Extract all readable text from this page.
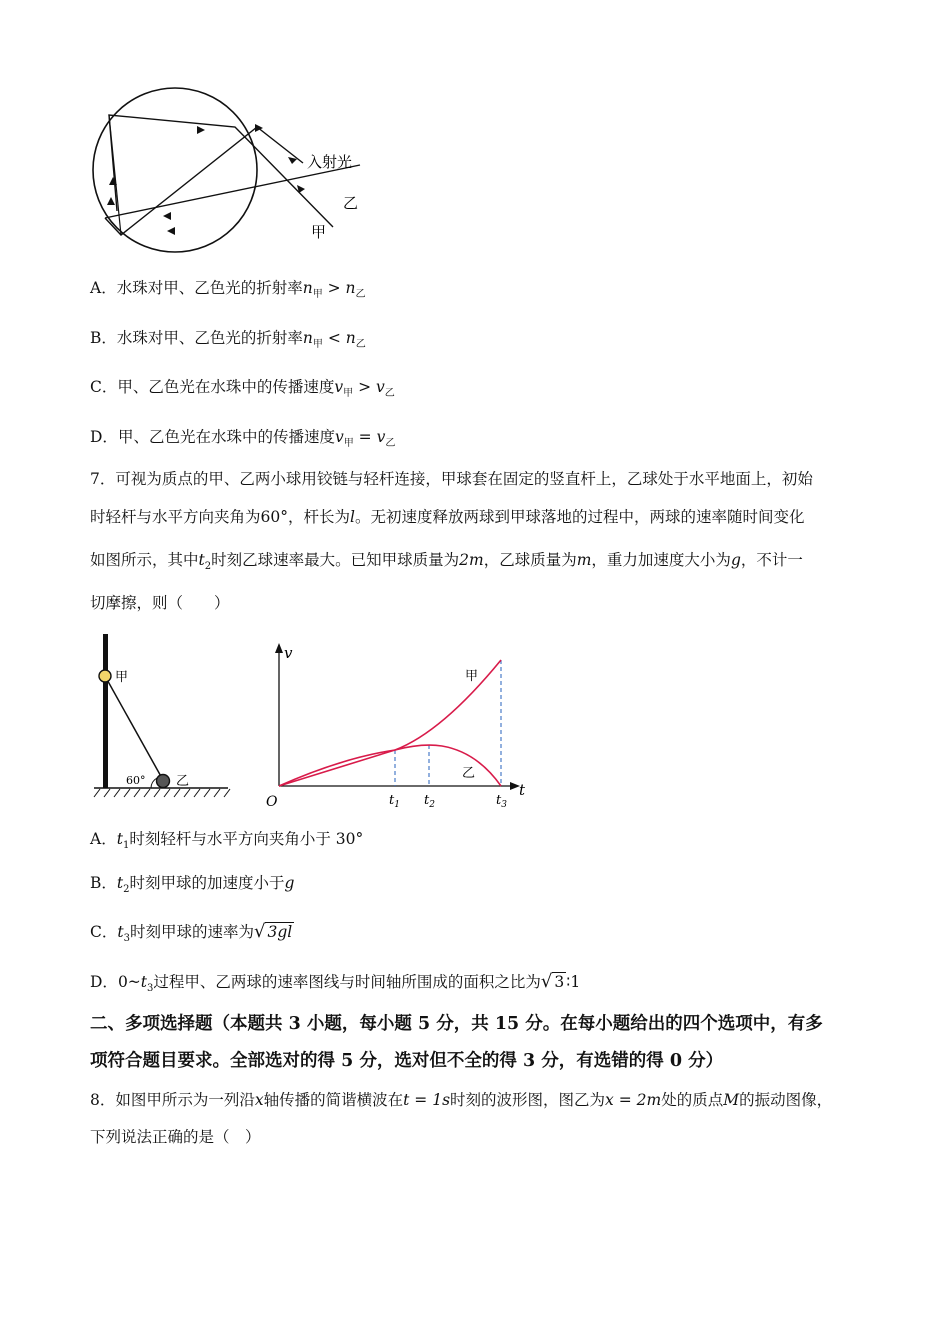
入射光
乙
甲
A．水珠对甲、乙色光的折射率$n_甲 > n_乙$
B．水珠对甲、乙色光的折射率$n_甲 < n_乙$
C．甲、乙色光在水珠中的传播速度$v_甲 > v_乙$
D．甲、乙色光在水珠中的传播速度$v_甲 = v_乙$
7．可视为质点的甲、乙两小球用铰链与轻杆连接，甲球套在固定的竖直杆上，乙球处于水平地面上，初始
时轻杆与水平方向夹角为60°，杆长为l。无初速度释放两球到甲球落地的过程中，两球的速率随时间变化
如图所示，其中$t_2$时刻乙球速率最大。已知甲球质量为2m，乙球质量为m，重力加速度大小为g，不计一
切摩擦，则（　　）
甲
60° 乙
v
t
O
甲
乙
$t_1$ $t_2$	$t_3$
A．$t_1$时刻轻杆与水平方向夹角小于 30°
B．$t_2$时刻甲球的加速度小于g
C．$t_3$时刻甲球的速率为√ 3gl
D．$0\sim t_3$过程甲、乙两球的速率图线与时间轴所围成的面积之比为√ 3 ∶1
二、多项选择题（本题共 3 小题，每小题 5 分，共 15 分。在每小题给出的四个选项中，有多
项符合题目要求。全部选对的得 5 分，选对但不全的得 3 分，有选错的得 0 分）
8．如图甲所示为一列沿x轴传播的简谐横波在t = 1s时刻的波形图，图乙为x = 2m处的质点M的振动图像，
下列说法正确的是（　）
